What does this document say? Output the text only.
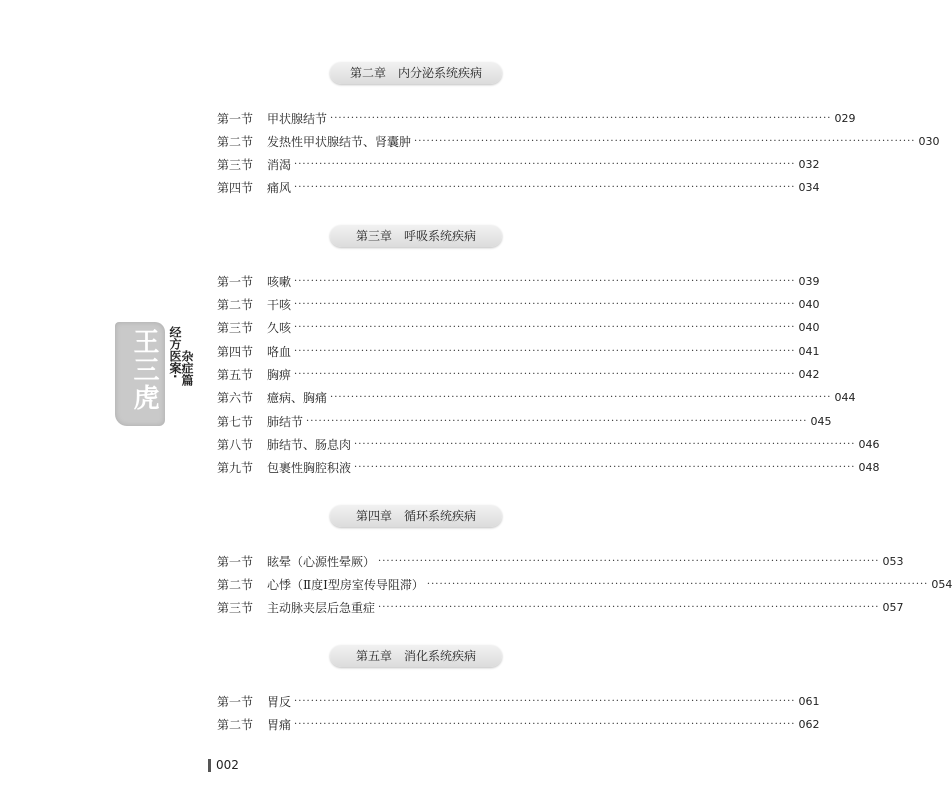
王三虎 经方医案·
杂症篇
第二章 内分泌系统疾病
第一节	甲状腺结节 ························································································································ 029
第二节	发热性甲状腺结节、肾囊肿 ························································································································ 030
第三节	消渴 ························································································································ 032
第四节	痛风 ························································································································ 034
第三章 呼吸系统疾病
第一节	咳嗽 ························································································································ 039
第二节	干咳 ························································································································ 040
第三节	久咳 ························································································································ 040
第四节	咯血 ························································································································ 041
第五节	胸痹 ························································································································ 042
第六节	癔病、胸痛 ························································································································ 044
第七节	肺结节 ························································································································ 045
第八节	肺结节、肠息肉 ························································································································ 046
第九节	包裹性胸腔积液 ························································································································ 048
第四章 循环系统疾病
第一节	眩晕（心源性晕厥） ························································································································ 053
第二节	心悸（Ⅱ度Ⅰ型房室传导阻滞） ························································································································ 054
第三节	主动脉夹层后急重症 ························································································································ 057
第五章 消化系统疾病
第一节	胃反 ························································································································ 061
第二节	胃痛 ························································································································ 062
002
